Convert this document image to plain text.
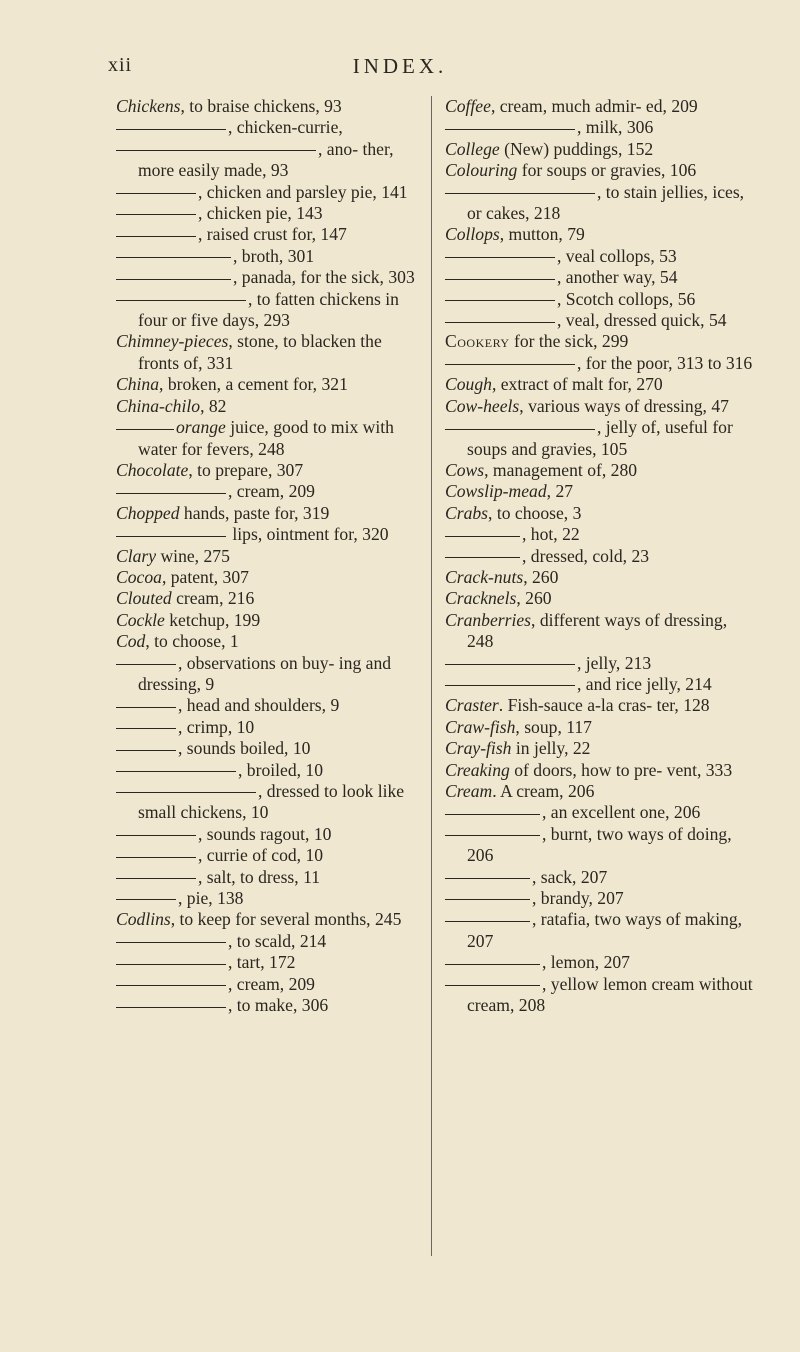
xii	INDEX.
Chickens, to braise chickens, 93
, chicken-currie,
, ano- ther, more easily made, 93
, chicken and parsley pie, 141
, chicken pie, 143
, raised crust for, 147
, broth, 301
, panada, for the sick, 303
, to fatten chickens in four or five days, 293
Chimney-pieces, stone, to blacken the fronts of, 331
China, broken, a cement for, 321
China-chilo, 82
orange juice, good to mix with water for fevers, 248
Chocolate, to prepare, 307
, cream, 209
Chopped hands, paste for, 319
lips, ointment for, 320
Clary wine, 275
Cocoa, patent, 307
Clouted cream, 216
Cockle ketchup, 199
Cod, to choose, 1
, observations on buy- ing and dressing, 9
, head and shoulders, 9
, crimp, 10
, sounds boiled, 10
, broiled, 10
, dressed to look like small chickens, 10
, sounds ragout, 10
, currie of cod, 10
, salt, to dress, 11
, pie, 138
Codlins, to keep for several months, 245
, to scald, 214
, tart, 172
, cream, 209
, to make, 306
Coffee, cream, much admir- ed, 209
, milk, 306
College (New) puddings, 152
Colouring for soups or gravies, 106
, to stain jellies, ices, or cakes, 218
Collops, mutton, 79
, veal collops, 53
, another way, 54
, Scotch collops, 56
, veal, dressed quick, 54
Cookery for the sick, 299
, for the poor, 313 to 316
Cough, extract of malt for, 270
Cow-heels, various ways of dressing, 47
, jelly of, useful for soups and gravies, 105
Cows, management of, 280
Cowslip-mead, 27
Crabs, to choose, 3
, hot, 22
, dressed, cold, 23
Crack-nuts, 260
Cracknels, 260
Cranberries, different ways of dressing, 248
, jelly, 213
, and rice jelly, 214
Craster. Fish-sauce a-la cras- ter, 128
Craw-fish, soup, 117
Cray-fish in jelly, 22
Creaking of doors, how to pre- vent, 333
Cream. A cream, 206
, an excellent one, 206
, burnt, two ways of doing, 206
, sack, 207
, brandy, 207
, ratafia, two ways of making, 207
, lemon, 207
, yellow lemon cream without cream, 208
